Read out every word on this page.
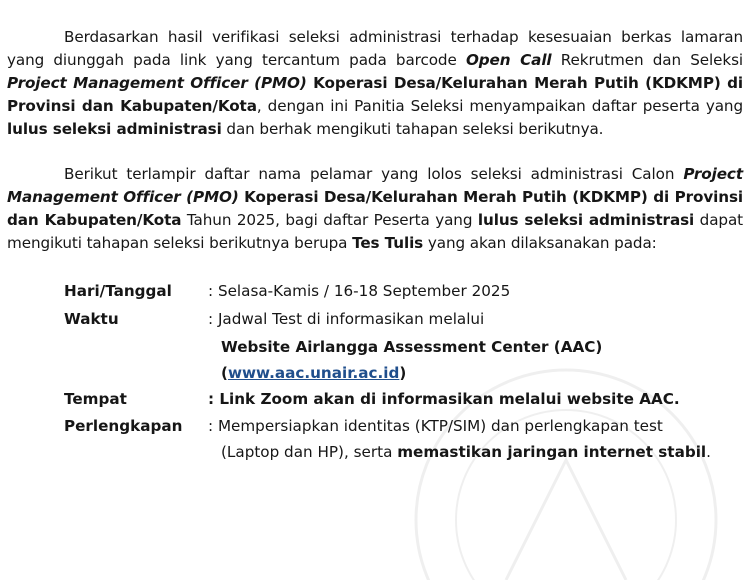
Berdasarkan hasil verifikasi seleksi administrasi terhadap kesesuaian berkas lamaran yang diunggah pada link yang tercantum pada barcode Open Call Rekrutmen dan Seleksi Project Management Officer (PMO) Koperasi Desa/Kelurahan Merah Putih (KDKMP) di Provinsi dan Kabupaten/Kota, dengan ini Panitia Seleksi menyampaikan daftar peserta yang lulus seleksi administrasi dan berhak mengikuti tahapan seleksi berikutnya.

Berikut terlampir daftar nama pelamar yang lolos seleksi administrasi Calon Project Management Officer (PMO) Koperasi Desa/Kelurahan Merah Putih (KDKMP) di Provinsi dan Kabupaten/Kota Tahun 2025, bagi daftar Peserta yang lulus seleksi administrasi dapat mengikuti tahapan seleksi berikutnya berupa Tes Tulis yang akan dilaksanakan pada:

Hari/Tanggal : Selasa-Kamis / 16-18 September 2025
Waktu	: Jadwal Test di informasikan melalui
Website Airlangga Assessment Center (AAC)
(www.aac.unair.ac.id)
Tempat	: Link Zoom akan di informasikan melalui website AAC.
Perlengkapan : Mempersiapkan identitas (KTP/SIM) dan perlengkapan test
(Laptop dan HP), serta memastikan jaringan internet stabil.
